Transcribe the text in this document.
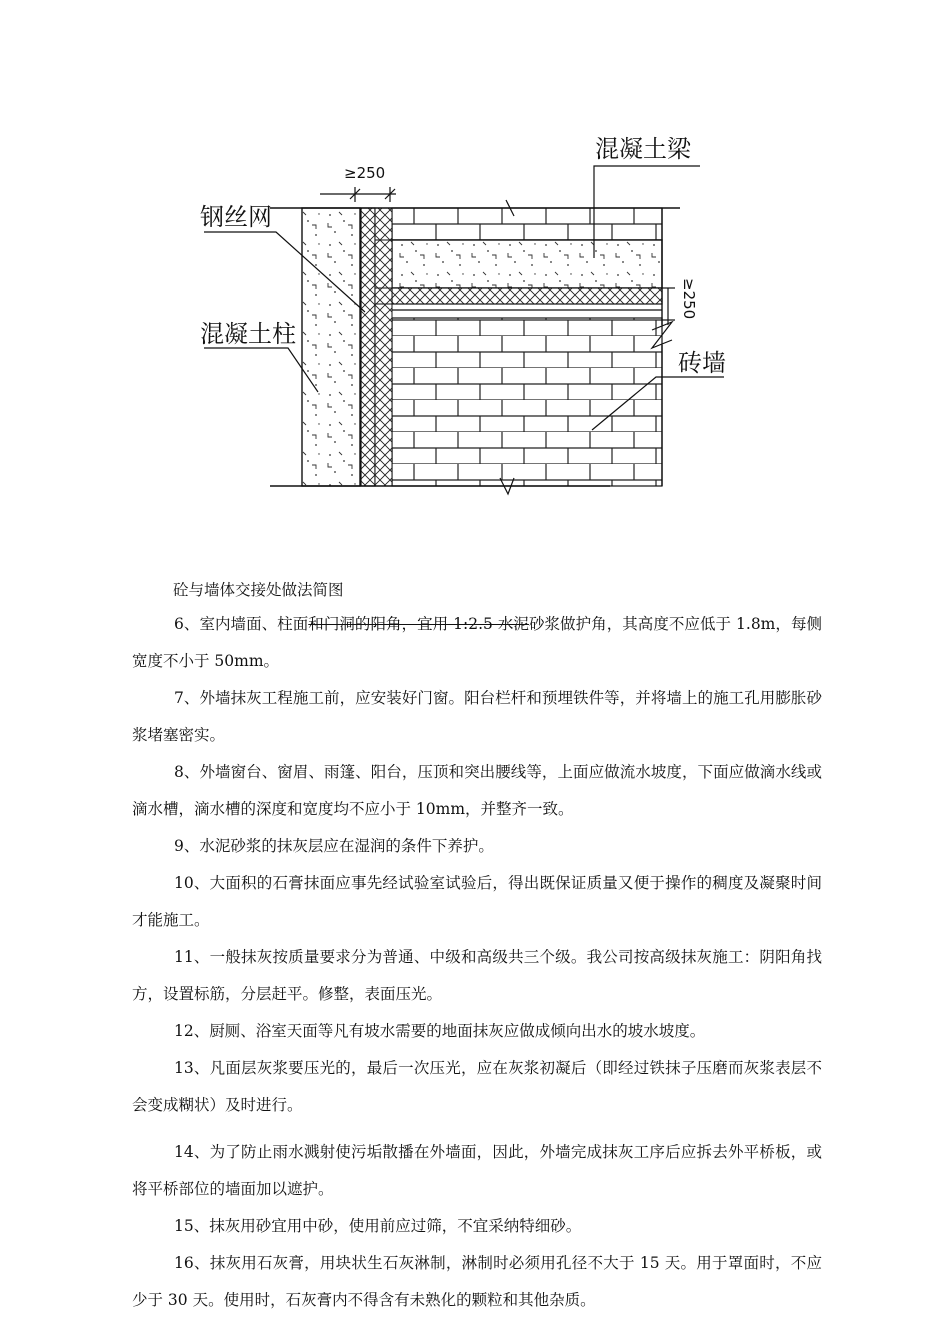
≥250
≥250
混凝土梁
钢丝网
混凝土柱
砖墙
砼与墙体交接处做法简图

6、室内墙面、柱面和门洞的阳角，宜用 1:2.5 水泥砂浆做护角，其高度不应低于 1.8m，每侧宽度不小于 50mm。

7、外墙抹灰工程施工前，应安装好门窗。阳台栏杆和预埋铁件等，并将墙上的施工孔用膨胀砂浆堵塞密实。

8、外墙窗台、窗眉、雨篷、阳台，压顶和突出腰线等，上面应做流水坡度，下面应做滴水线或滴水槽，滴水槽的深度和宽度均不应小于 10mm，并整齐一致。

9、水泥砂浆的抹灰层应在湿润的条件下养护。

10、大面积的石膏抹面应事先经试验室试验后，得出既保证质量又便于操作的稠度及凝聚时间才能施工。

11、一般抹灰按质量要求分为普通、中级和高级共三个级。我公司按高级抹灰施工：阴阳角找方，设置标筋，分层赶平。修整，表面压光。

12、厨厕、浴室天面等凡有坡水需要的地面抹灰应做成倾向出水的坡水坡度。

13、凡面层灰浆要压光的，最后一次压光，应在灰浆初凝后（即经过铁抹子压磨而灰浆表层不会变成糊状）及时进行。

14、为了防止雨水溅射使污垢散播在外墙面，因此，外墙完成抹灰工序后应拆去外平桥板，或将平桥部位的墙面加以遮护。

15、抹灰用砂宜用中砂，使用前应过筛，不宜采纳特细砂。

16、抹灰用石灰膏，用块状生石灰淋制，淋制时必须用孔径不大于 15 天。用于罩面时，不应少于 30 天。使用时，石灰膏内不得含有未熟化的颗粒和其他杂质。
